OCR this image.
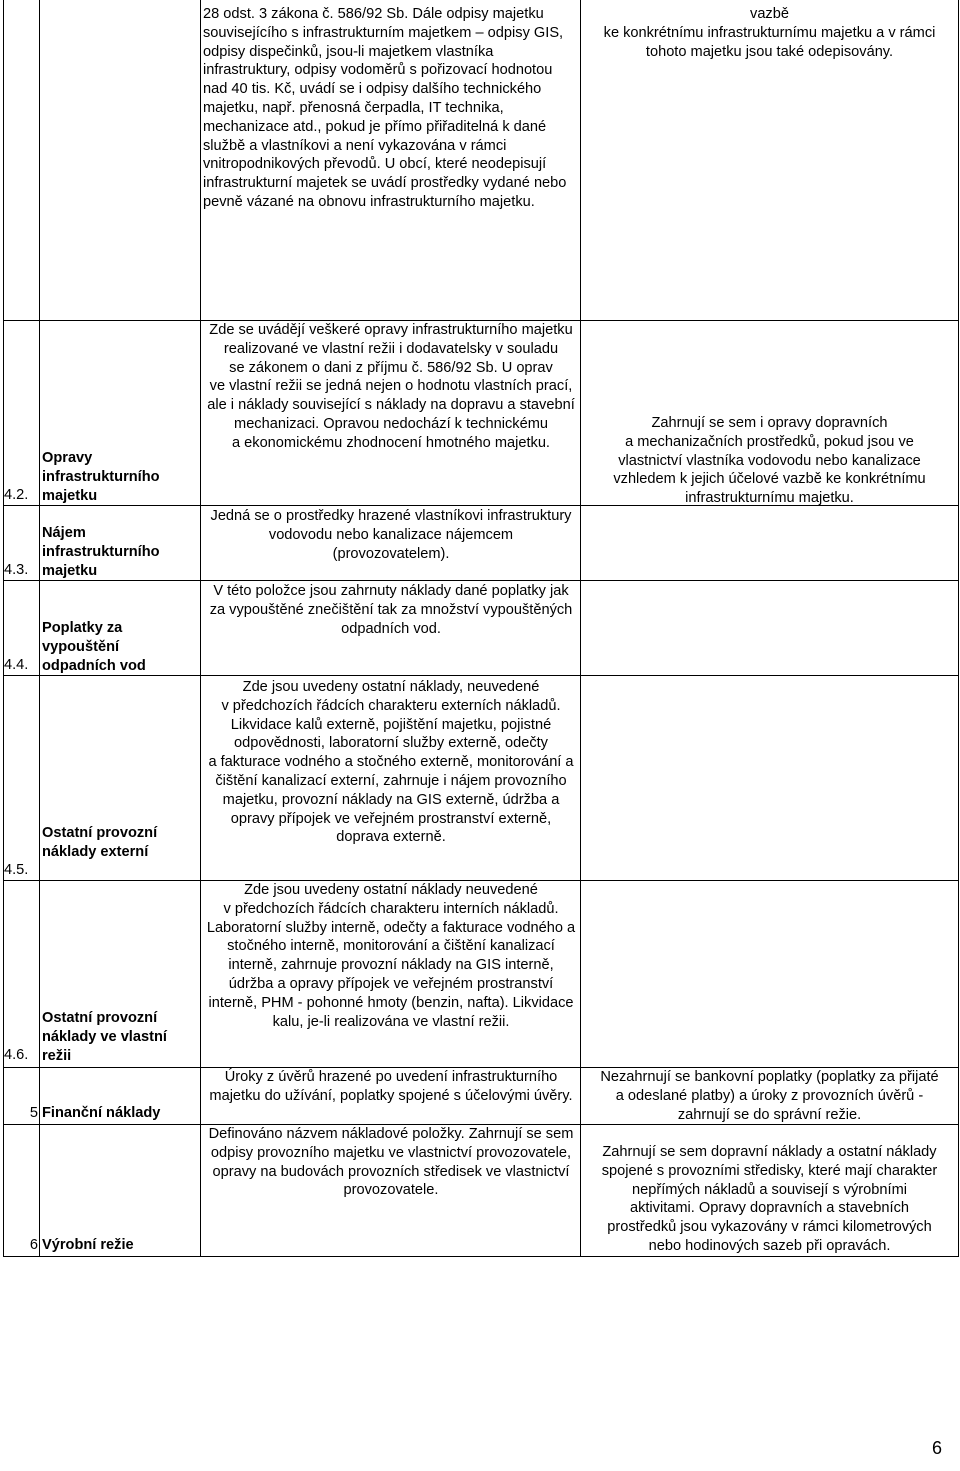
28 odst. 3 zákona č. 586/92 Sb. Dále odpisy majetku
souvisejícího s infrastrukturním majetkem – odpisy GIS,
odpisy dispečinků, jsou-li majetkem vlastníka
infrastruktury, odpisy vodoměrů s pořizovací hodnotou
nad 40 tis. Kč, uvádí se i odpisy dalšího technického
majetku, např. přenosná čerpadla, IT technika,
mechanizace atd., pokud je přímo přiřaditelná k dané
službě a vlastníkovi a není vykazována v rámci
vnitropodnikových převodů. U obcí, které neodepisují
infrastrukturní majetek se uvádí prostředky vydané nebo
pevně vázané na obnovu infrastrukturního majetku.
vazbě
ke konkrétnímu infrastrukturnímu majetku a v rámci
tohoto majetku jsou také odepisovány.
4.2.
Opravy infrastrukturního majetku
Zde se uvádějí veškeré opravy infrastrukturního majetku
realizované ve vlastní režii i dodavatelsky v souladu
se zákonem o dani z příjmu č. 586/92 Sb. U oprav
ve vlastní režii se jedná nejen o hodnotu vlastních prací,
ale i náklady související s náklady na dopravu a stavební
mechanizaci. Opravou nedochází k technickému
a ekonomickému zhodnocení hmotného majetku.
Zahrnují se sem i opravy dopravních
a mechanizačních prostředků, pokud jsou ve
vlastnictví vlastníka vodovodu nebo kanalizace
vzhledem k jejich účelové vazbě ke konkrétnímu
infrastrukturnímu majetku.
4.3.
Nájem infrastrukturního majetku
Jedná se o prostředky hrazené vlastníkovi infrastruktury
vodovodu nebo kanalizace nájemcem
(provozovatelem).
4.4.
Poplatky za vypouštění odpadních vod
V této položce jsou zahrnuty náklady dané poplatky jak
za vypouštěné znečištění tak za množství vypouštěných
odpadních vod.
4.5.
Ostatní provozní náklady externí
Zde jsou uvedeny ostatní náklady, neuvedené
v předchozích řádcích charakteru externích nákladů.
Likvidace kalů externě, pojištění majetku, pojistné
odpovědnosti, laboratorní služby externě, odečty
a fakturace vodného a stočného externě, monitorování a
čištění kanalizací externí, zahrnuje i nájem provozního
majetku, provozní náklady na GIS externě, údržba a
opravy přípojek ve veřejném prostranství externě,
doprava externě.
4.6.
Ostatní provozní náklady ve vlastní režii
Zde jsou uvedeny ostatní náklady neuvedené
v předchozích řádcích charakteru interních nákladů.
Laboratorní služby interně, odečty a fakturace vodného a
stočného interně, monitorování a čištění kanalizací
interně, zahrnuje provozní náklady na GIS interně,
údržba a opravy přípojek ve veřejném prostranství
interně, PHM - pohonné hmoty (benzin, nafta). Likvidace
kalu, je-li realizována ve vlastní režii.
5 Finanční náklady
Úroky z úvěrů hrazené po uvedení infrastrukturního
majetku do užívání, poplatky spojené s účelovými úvěry.
Nezahrnují se bankovní poplatky (poplatky za přijaté
a odeslané platby) a úroky z provozních úvěrů -
zahrnují se do správní režie.
6 Výrobní režie
Definováno názvem nákladové položky. Zahrnují se sem
odpisy provozního majetku ve vlastnictví provozovatele,
opravy na budovách provozních středisek ve vlastnictví
provozovatele.
Zahrnují se sem dopravní náklady a ostatní náklady
spojené s provozními středisky, které mají charakter
nepřímých nákladů a souvisejí s výrobními
aktivitami. Opravy dopravních a stavebních
prostředků jsou vykazovány v rámci kilometrových
nebo hodinových sazeb při opravách.
6
